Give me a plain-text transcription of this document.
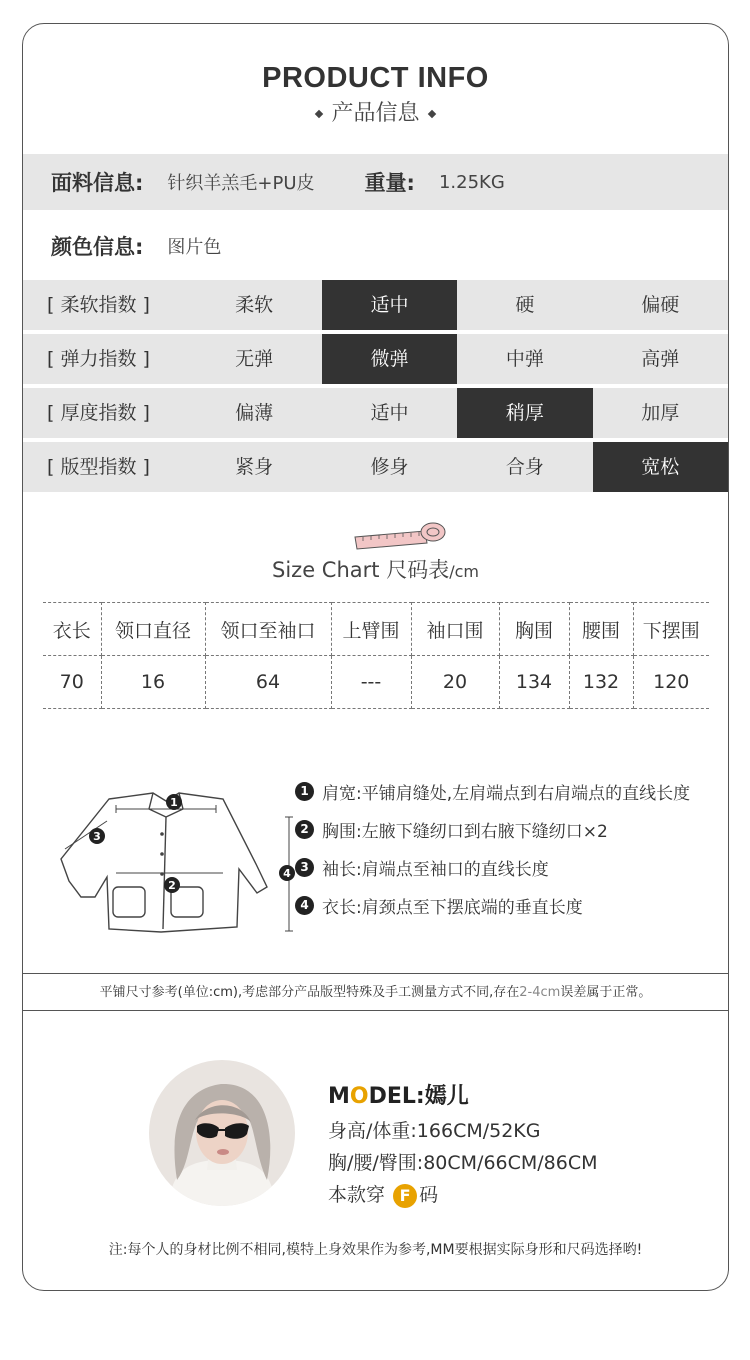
PRODUCT INFO
产品信息
面料信息: 针织羊羔毛+PU皮 重量: 1.25KG
颜色信息: 图片色
[ 柔软指数 ]	柔软	适中	硬	偏硬
[ 弹力指数 ]	无弹	微弹	中弹	高弹
[ 厚度指数 ]	偏薄	适中	稍厚	加厚
[ 版型指数 ]	紧身	修身	合身	宽松
Size Chart 尺码表/cm
衣长	领口直径	领口至袖口	上臂围	袖口围	胸围	腰围	下摆围
70	16	64	---	20	134	132	120
1
2
3
4
1 肩宽:平铺肩缝处,左肩端点到右肩端点的直线长度
2 胸围:左腋下缝纫口到右腋下缝纫口×2
3 袖长:肩端点至袖口的直线长度
4 衣长:肩颈点至下摆底端的垂直长度
平铺尺寸参考(单位:cm),考虑部分产品版型特殊及手工测量方式不同,存在2-4cm误差属于正常。
MODEL:嫣儿
身高/体重:166CM/52KG
胸/腰/臀围:80CM/66CM/86CM
本款穿 F 码
注:每个人的身材比例不相同,模特上身效果作为参考,MM要根据实际身形和尺码选择哟!
